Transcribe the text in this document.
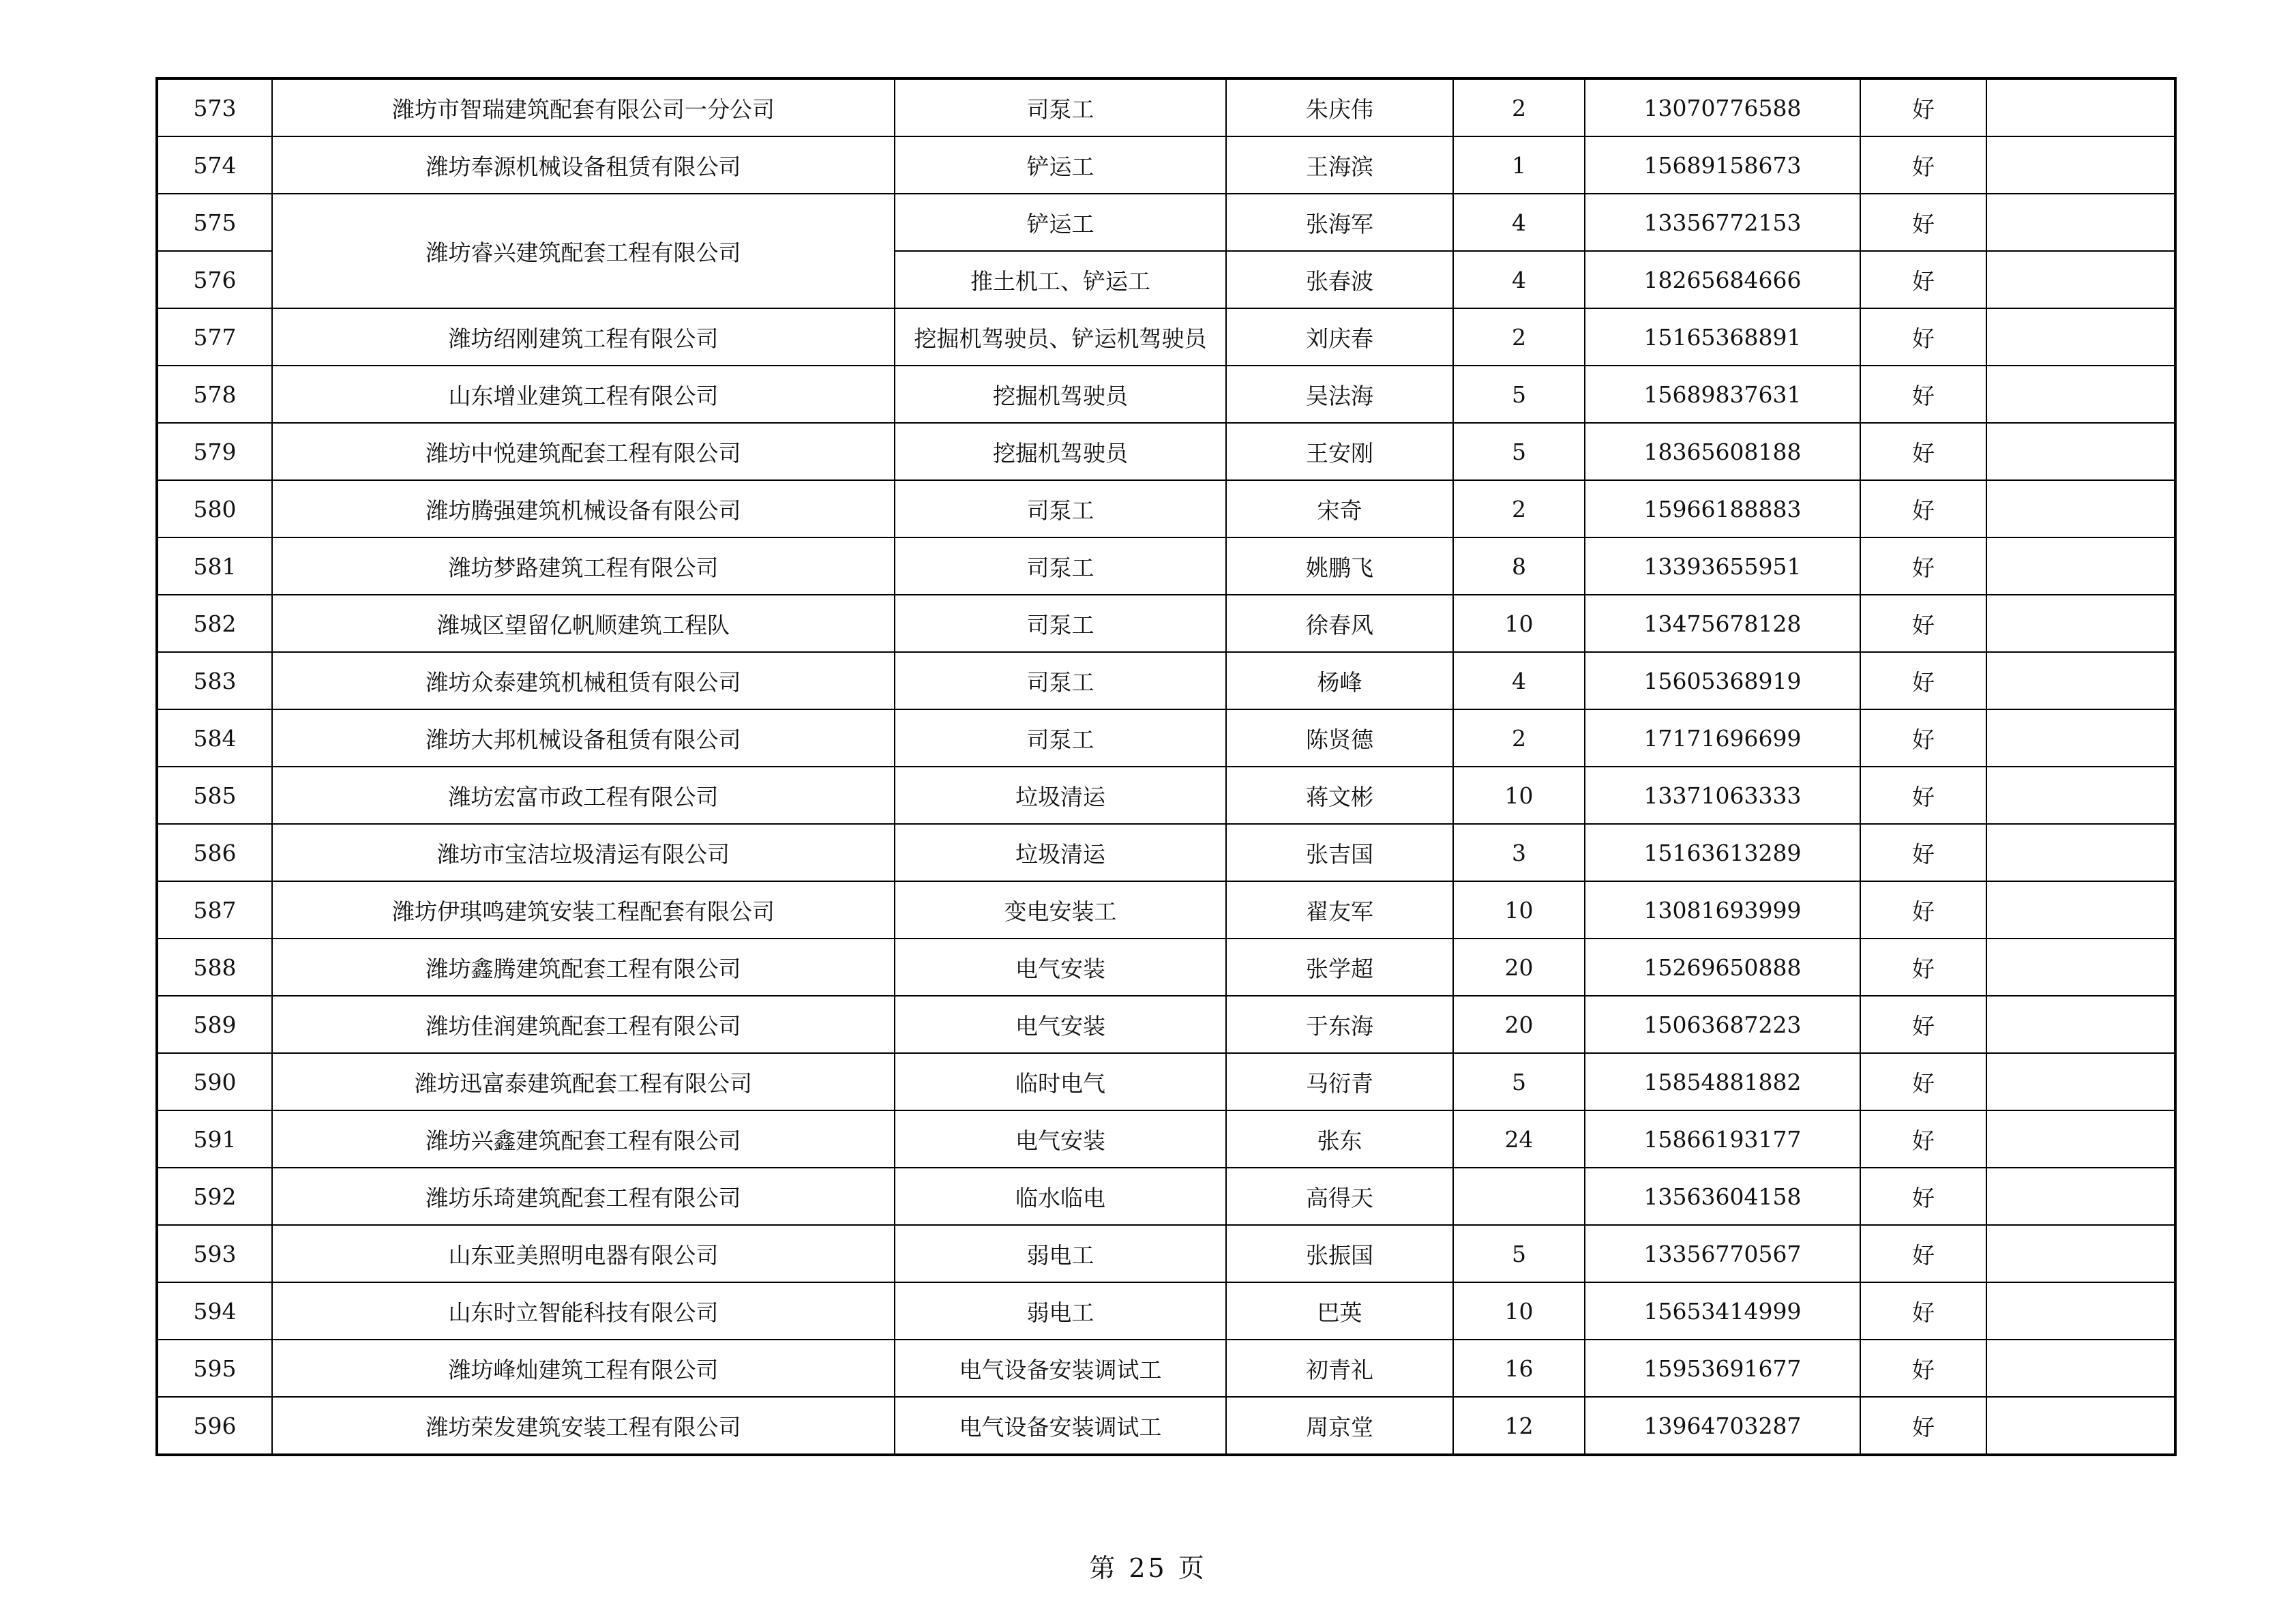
573	潍坊市智瑞建筑配套有限公司一分公司	司泵工	朱庆伟	2	13070776588	好	
574	潍坊奉源机械设备租赁有限公司	铲运工	王海滨	1	15689158673	好	
575	潍坊睿兴建筑配套工程有限公司	铲运工	张海军	4	13356772153	好	
576		推土机工、铲运工	张春波	4	18265684666	好	
577	潍坊绍刚建筑工程有限公司	挖掘机驾驶员、铲运机驾驶员	刘庆春	2	15165368891	好	
578	山东增业建筑工程有限公司	挖掘机驾驶员	吴法海	5	15689837631	好	
579	潍坊中悦建筑配套工程有限公司	挖掘机驾驶员	王安刚	5	18365608188	好	
580	潍坊腾强建筑机械设备有限公司	司泵工	宋奇	2	15966188883	好	
581	潍坊梦路建筑工程有限公司	司泵工	姚鹏飞	8	13393655951	好	
582	潍城区望留亿帆顺建筑工程队	司泵工	徐春风	10	13475678128	好	
583	潍坊众泰建筑机械租赁有限公司	司泵工	杨峰	4	15605368919	好	
584	潍坊大邦机械设备租赁有限公司	司泵工	陈贤德	2	17171696699	好	
585	潍坊宏富市政工程有限公司	垃圾清运	蒋文彬	10	13371063333	好	
586	潍坊市宝洁垃圾清运有限公司	垃圾清运	张吉国	3	15163613289	好	
587	潍坊伊琪鸣建筑安装工程配套有限公司	变电安装工	翟友军	10	13081693999	好	
588	潍坊鑫腾建筑配套工程有限公司	电气安装	张学超	20	15269650888	好	
589	潍坊佳润建筑配套工程有限公司	电气安装	于东海	20	15063687223	好	
590	潍坊迅富泰建筑配套工程有限公司	临时电气	马衍青	5	15854881882	好	
591	潍坊兴鑫建筑配套工程有限公司	电气安装	张东	24	15866193177	好	
592	潍坊乐琦建筑配套工程有限公司	临水临电	高得天		13563604158	好	
593	山东亚美照明电器有限公司	弱电工	张振国	5	13356770567	好	
594	山东时立智能科技有限公司	弱电工	巴英	10	15653414999	好	
595	潍坊峰灿建筑工程有限公司	电气设备安装调试工	初青礼	16	15953691677	好	
596	潍坊荣发建筑安装工程有限公司	电气设备安装调试工	周京堂	12	13964703287	好	
第 25 页
